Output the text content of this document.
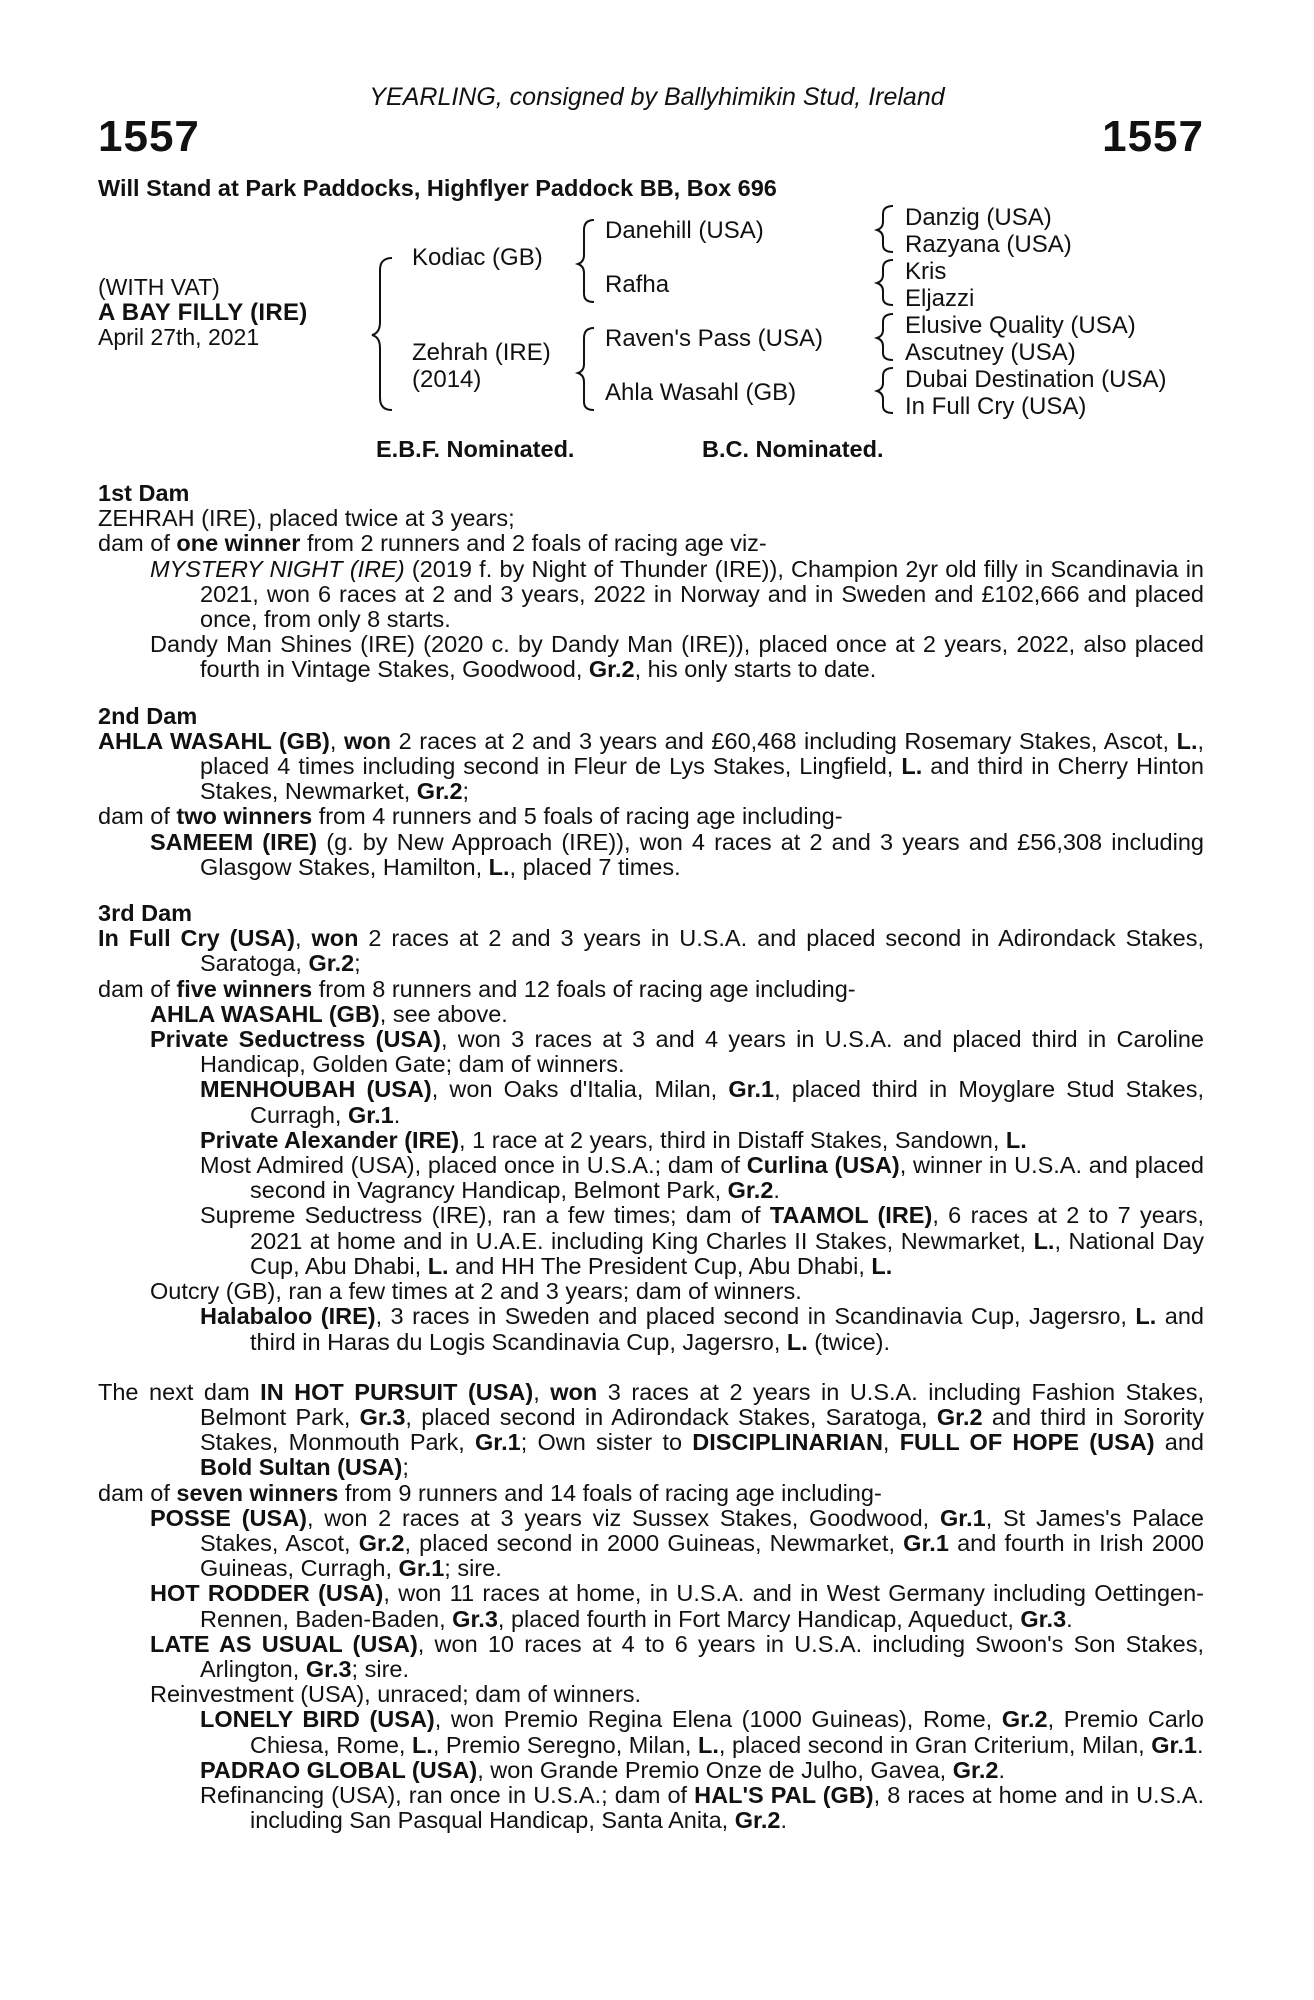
YEARLING, consigned by Ballyhimikin Stud, Ireland
1557	1557
Will Stand at Park Paddocks, Highflyer Paddock BB, Box 696
(WITH VAT)
A BAY FILLY (IRE)
April 27th, 2021
Kodiac (GB)
Zehrah (IRE)
(2014)
Danehill (USA)
Rafha
Raven's Pass (USA)
Ahla Wasahl (GB)
Danzig (USA)
Razyana (USA)
Kris
Eljazzi
Elusive Quality (USA)
Ascutney (USA)
Dubai Destination (USA)
In Full Cry (USA)
E.B.F. Nominated.	B.C. Nominated.
1st Dam
ZEHRAH (IRE), placed twice at 3 years;
dam of one winner from 2 runners and 2 foals of racing age viz-
MYSTERY NIGHT (IRE) (2019 f. by Night of Thunder (IRE)), Champion 2yr old filly in Scandinavia in 2021, won 6 races at 2 and 3 years, 2022 in Norway and in Sweden and £102,666 and placed once, from only 8 starts.
Dandy Man Shines (IRE) (2020 c. by Dandy Man (IRE)), placed once at 2 years, 2022, also placed fourth in Vintage Stakes, Goodwood, Gr.2, his only starts to date.
2nd Dam
AHLA WASAHL (GB), won 2 races at 2 and 3 years and £60,468 including Rosemary Stakes, Ascot, L., placed 4 times including second in Fleur de Lys Stakes, Lingfield, L. and third in Cherry Hinton Stakes, Newmarket, Gr.2;
dam of two winners from 4 runners and 5 foals of racing age including-
SAMEEM (IRE) (g. by New Approach (IRE)), won 4 races at 2 and 3 years and £56,308 including Glasgow Stakes, Hamilton, L., placed 7 times.
3rd Dam
In Full Cry (USA), won 2 races at 2 and 3 years in U.S.A. and placed second in Adirondack Stakes, Saratoga, Gr.2;
dam of five winners from 8 runners and 12 foals of racing age including-
AHLA WASAHL (GB), see above.
Private Seductress (USA), won 3 races at 3 and 4 years in U.S.A. and placed third in Caroline Handicap, Golden Gate; dam of winners.
MENHOUBAH (USA), won Oaks d'Italia, Milan, Gr.1, placed third in Moyglare Stud Stakes, Curragh, Gr.1.
Private Alexander (IRE), 1 race at 2 years, third in Distaff Stakes, Sandown, L.
Most Admired (USA), placed once in U.S.A.; dam of Curlina (USA), winner in U.S.A. and placed second in Vagrancy Handicap, Belmont Park, Gr.2.
Supreme Seductress (IRE), ran a few times; dam of TAAMOL (IRE), 6 races at 2 to 7 years, 2021 at home and in U.A.E. including King Charles II Stakes, Newmarket, L., National Day Cup, Abu Dhabi, L. and HH The President Cup, Abu Dhabi, L.
Outcry (GB), ran a few times at 2 and 3 years; dam of winners.
Halabaloo (IRE), 3 races in Sweden and placed second in Scandinavia Cup, Jagersro, L. and third in Haras du Logis Scandinavia Cup, Jagersro, L. (twice).
The next dam IN HOT PURSUIT (USA), won 3 races at 2 years in U.S.A. including Fashion Stakes, Belmont Park, Gr.3, placed second in Adirondack Stakes, Saratoga, Gr.2 and third in Sorority Stakes, Monmouth Park, Gr.1; Own sister to DISCIPLINARIAN, FULL OF HOPE (USA) and Bold Sultan (USA);
dam of seven winners from 9 runners and 14 foals of racing age including-
POSSE (USA), won 2 races at 3 years viz Sussex Stakes, Goodwood, Gr.1, St James's Palace Stakes, Ascot, Gr.2, placed second in 2000 Guineas, Newmarket, Gr.1 and fourth in Irish 2000 Guineas, Curragh, Gr.1; sire.
HOT RODDER (USA), won 11 races at home, in U.S.A. and in West Germany including Oettingen-Rennen, Baden-Baden, Gr.3, placed fourth in Fort Marcy Handicap, Aqueduct, Gr.3.
LATE AS USUAL (USA), won 10 races at 4 to 6 years in U.S.A. including Swoon's Son Stakes, Arlington, Gr.3; sire.
Reinvestment (USA), unraced; dam of winners.
LONELY BIRD (USA), won Premio Regina Elena (1000 Guineas), Rome, Gr.2, Premio Carlo Chiesa, Rome, L., Premio Seregno, Milan, L., placed second in Gran Criterium, Milan, Gr.1.
PADRAO GLOBAL (USA), won Grande Premio Onze de Julho, Gavea, Gr.2.
Refinancing (USA), ran once in U.S.A.; dam of HAL'S PAL (GB), 8 races at home and in U.S.A. including San Pasqual Handicap, Santa Anita, Gr.2.
